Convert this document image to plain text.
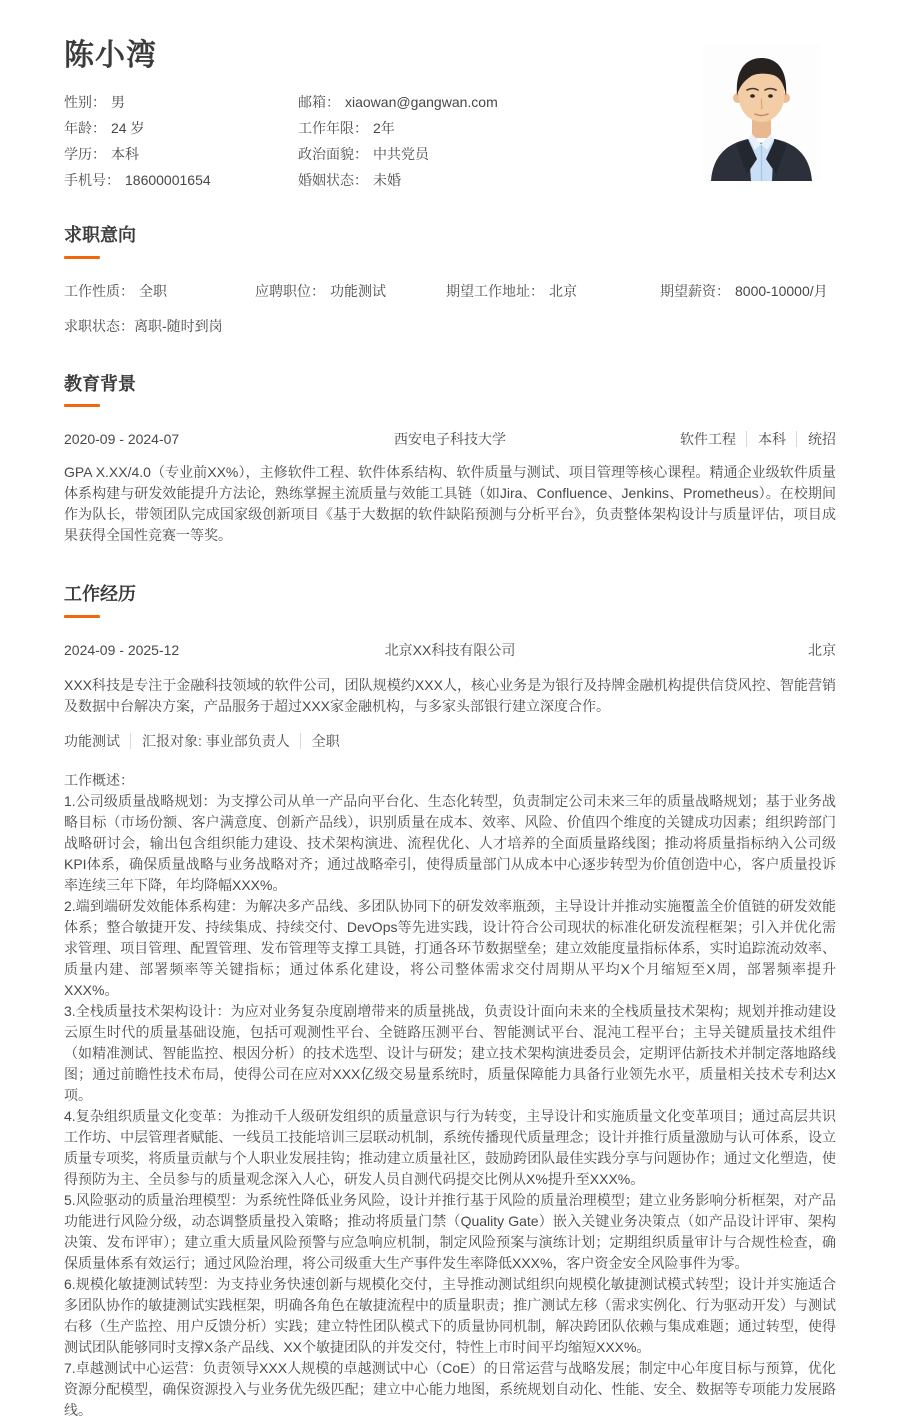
陈小湾
性别： 男	邮箱： xiaowan@gangwan.com
年龄： 24 岁	工作年限： 2年
学历： 本科	政治面貌： 中共党员
手机号： 18600001654	婚姻状态： 未婚
求职意向
工作性质： 全职	应聘职位： 功能测试	期望工作地址： 北京	期望薪资： 8000-10000/月
求职状态：离职-随时到岗
教育背景
2020-09 - 2024-07	西安电子科技大学	软件工程 本科 统招

GPA X.XX/4.0（专业前XX%），主修软件工程、软件体系结构、软件质量与测试、项目管理等核心课程。精通企业级软件质量体系构建与研发效能提升方法论，熟练掌握主流质量与效能工具链（如Jira、Confluence、Jenkins、Prometheus）。在校期间作为队长，带领团队完成国家级创新项目《基于大数据的软件缺陷预测与分析平台》，负责整体架构设计与质量评估，项目成果获得全国性竞赛一等奖。

工作经历
2024-09 - 2025-12	北京XX科技有限公司	北京

XXX科技是专注于金融科技领域的软件公司，团队规模约XXX人，核心业务是为银行及持牌金融机构提供信贷风控、智能营销及数据中台解决方案，产品服务于超过XXX家金融机构，与多家头部银行建立深度合作。

功能测试 汇报对象: 事业部负责人 全职

工作概述：

1.公司级质量战略规划：为支撑公司从单一产品向平台化、生态化转型，负责制定公司未来三年的质量战略规划；基于业务战略目标（市场份额、客户满意度、创新产品线），识别质量在成本、效率、风险、价值四个维度的关键成功因素；组织跨部门战略研讨会，输出包含组织能力建设、技术架构演进、流程优化、人才培养的全面质量路线图；推动将质量指标纳入公司级KPI体系，确保质量战略与业务战略对齐；通过战略牵引，使得质量部门从成本中心逐步转型为价值创造中心，客户质量投诉率连续三年下降，年均降幅XXX%。

2.端到端研发效能体系构建：为解决多产品线、多团队协同下的研发效率瓶颈，主导设计并推动实施覆盖全价值链的研发效能体系；整合敏捷开发、持续集成、持续交付、DevOps等先进实践，设计符合公司现状的标准化研发流程框架；引入并优化需求管理、项目管理、配置管理、发布管理等支撑工具链，打通各环节数据壁垒；建立效能度量指标体系，实时追踪流动效率、质量内建、部署频率等关键指标；通过体系化建设，将公司整体需求交付周期从平均X个月缩短至X周，部署频率提升XXX%。

3.全栈质量技术架构设计：为应对业务复杂度剧增带来的质量挑战，负责设计面向未来的全栈质量技术架构；规划并推动建设云原生时代的质量基础设施，包括可观测性平台、全链路压测平台、智能测试平台、混沌工程平台；主导关键质量技术组件（如精准测试、智能监控、根因分析）的技术选型、设计与研发；建立技术架构演进委员会，定期评估新技术并制定落地路线图；通过前瞻性技术布局，使得公司在应对XXX亿级交易量系统时，质量保障能力具备行业领先水平，质量相关技术专利达X项。

4.复杂组织质量文化变革：为推动千人级研发组织的质量意识与行为转变，主导设计和实施质量文化变革项目；通过高层共识工作坊、中层管理者赋能、一线员工技能培训三层联动机制，系统传播现代质量理念；设计并推行质量激励与认可体系，设立质量专项奖，将质量贡献与个人职业发展挂钩；推动建立质量社区，鼓励跨团队最佳实践分享与问题协作；通过文化塑造，使得预防为主、全员参与的质量观念深入人心，研发人员自测代码提交比例从X%提升至XXX%。

5.风险驱动的质量治理模型：为系统性降低业务风险，设计并推行基于风险的质量治理模型；建立业务影响分析框架，对产品功能进行风险分级，动态调整质量投入策略；推动将质量门禁（Quality Gate）嵌入关键业务决策点（如产品设计评审、架构决策、发布评审）；建立重大质量风险预警与应急响应机制，制定风险预案与演练计划；定期组织质量审计与合规性检查，确保质量体系有效运行；通过风险治理，将公司级重大生产事件发生率降低XXX%，客户资金安全风险事件为零。

6.规模化敏捷测试转型：为支持业务快速创新与规模化交付，主导推动测试组织向规模化敏捷测试模式转型；设计并实施适合多团队协作的敏捷测试实践框架，明确各角色在敏捷流程中的质量职责；推广测试左移（需求实例化、行为驱动开发）与测试右移（生产监控、用户反馈分析）实践；建立特性团队模式下的质量协同机制，解决跨团队依赖与集成难题；通过转型，使得测试团队能够同时支撑X条产品线、XX个敏捷团队的并发交付，特性上市时间平均缩短XXX%。

7.卓越测试中心运营：负责领导XXX人规模的卓越测试中心（CoE）的日常运营与战略发展；制定中心年度目标与预算，优化资源分配模型，确保资源投入与业务优先级匹配；建立中心能力地图，系统规划自动化、性能、安全、数据等专项能力发展路线。
